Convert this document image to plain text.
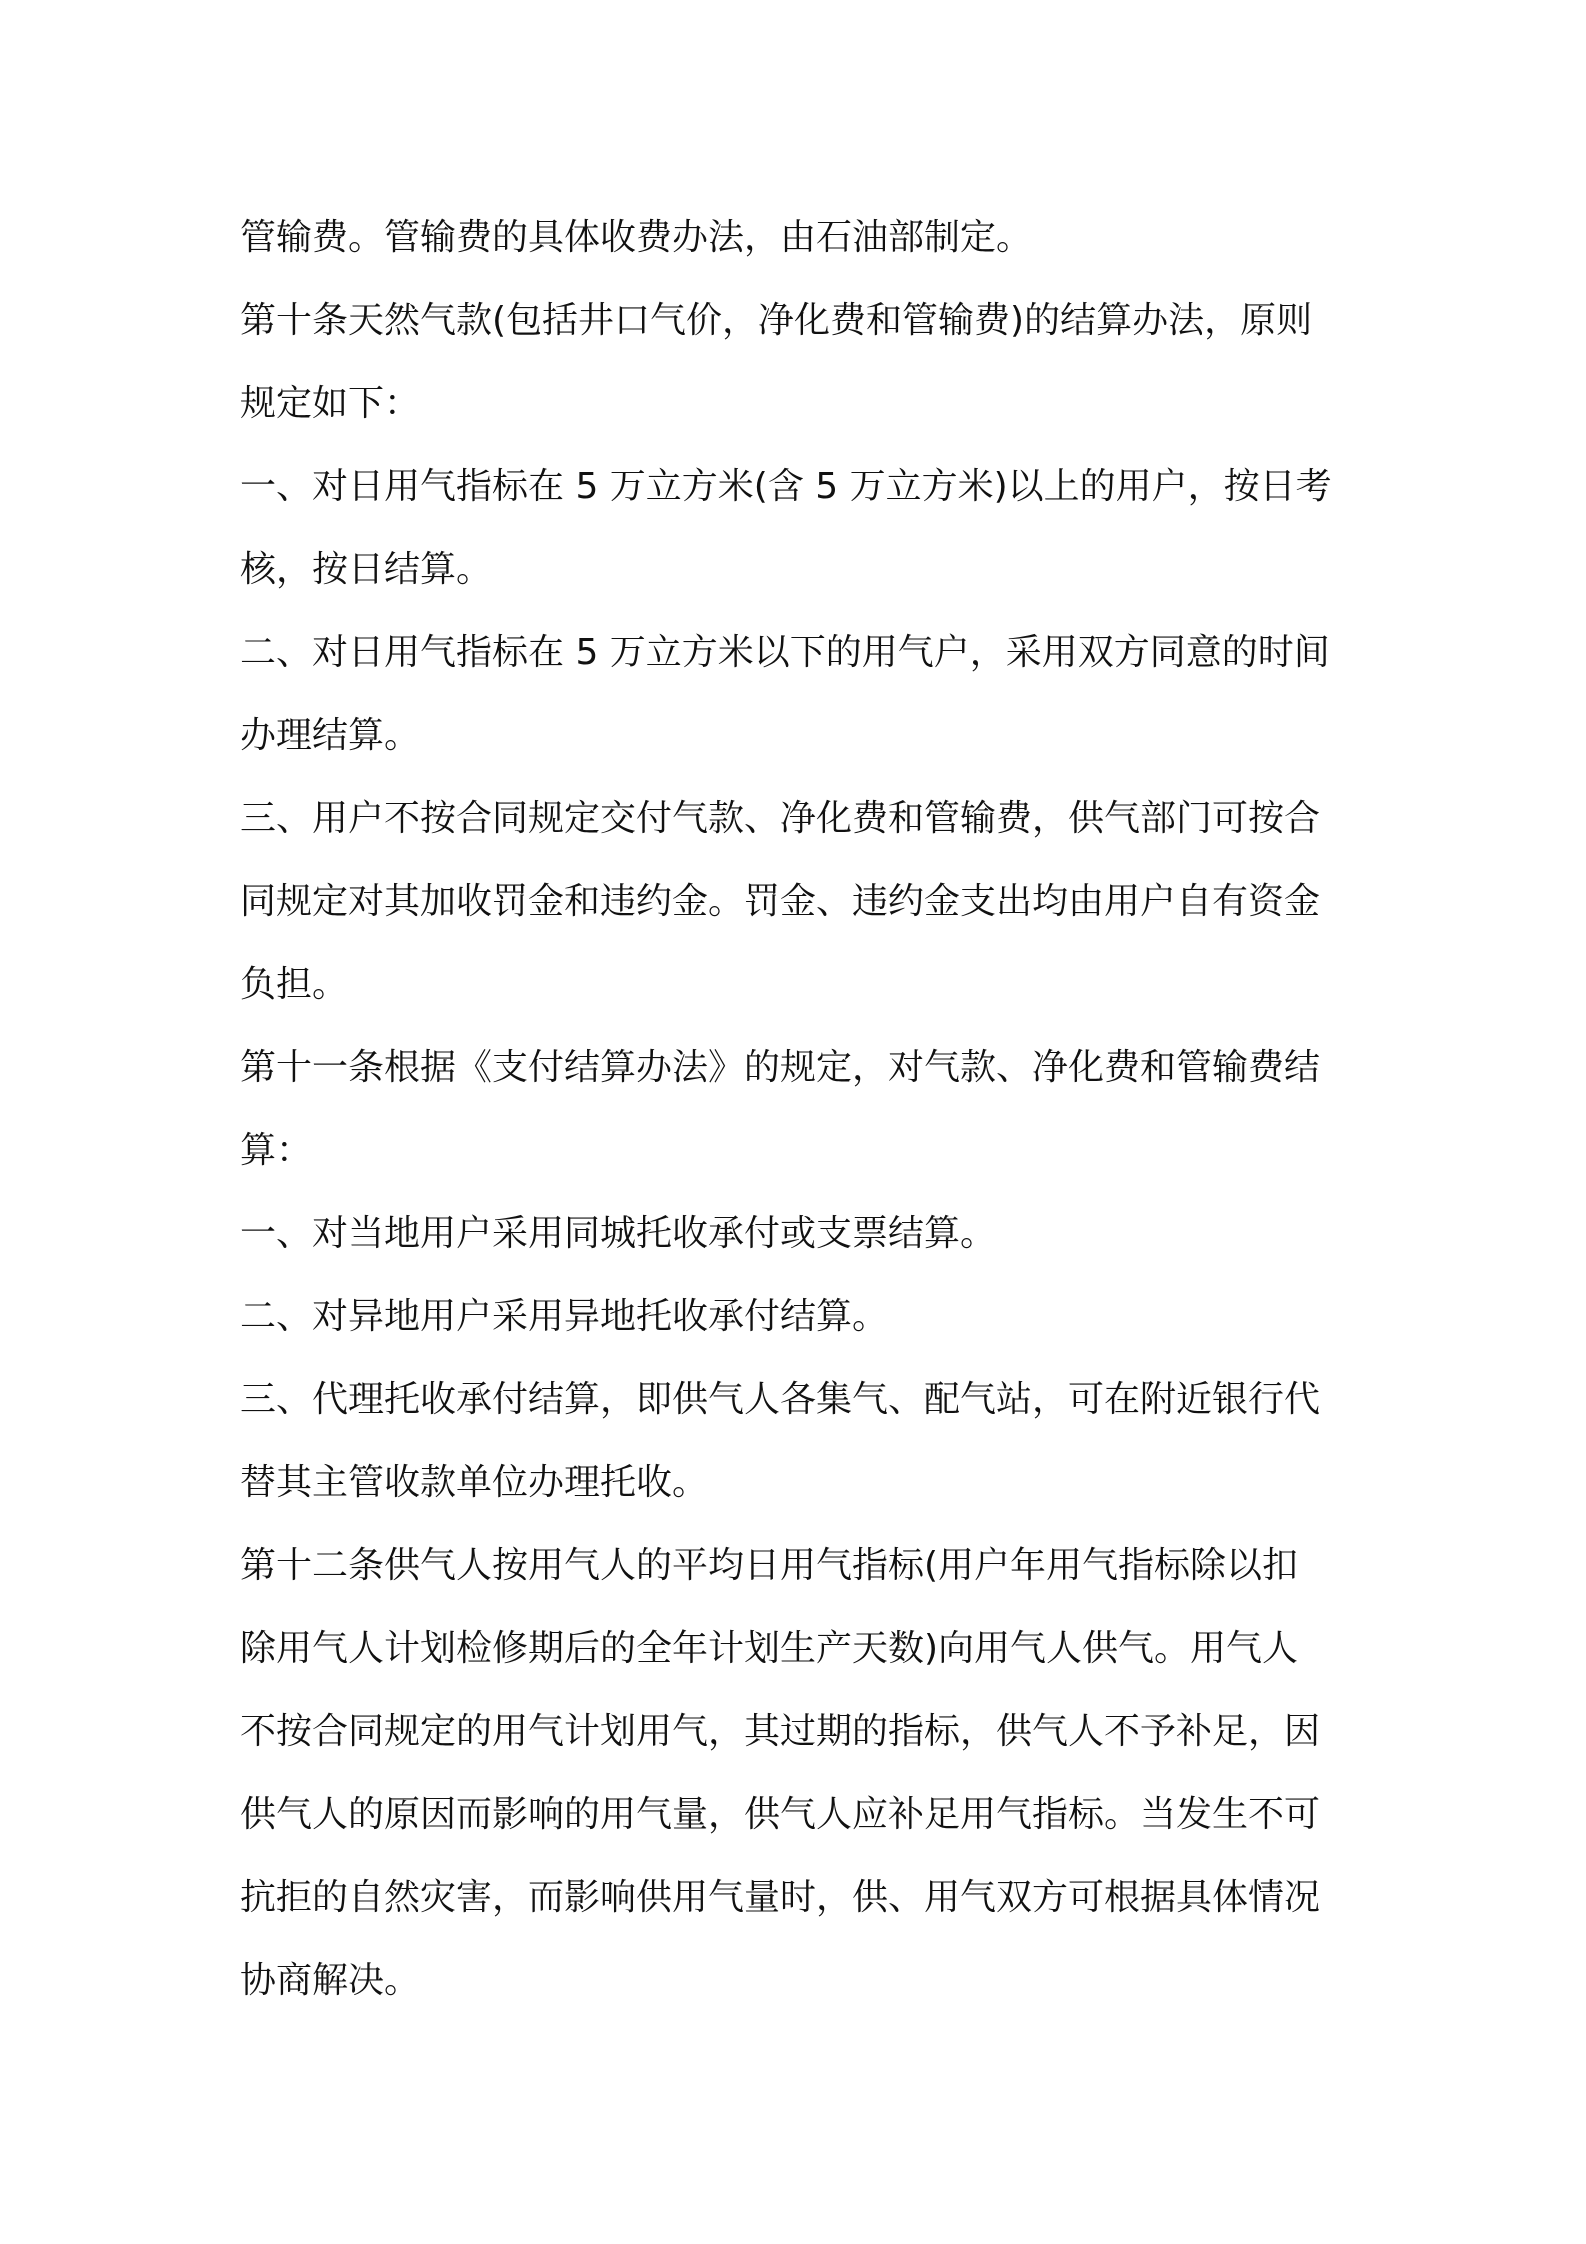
管输费。管输费的具体收费办法，由石油部制定。
第十条天然气款(包括井口气价，净化费和管输费)的结算办法，原则
规定如下：
一、对日用气指标在 5 万立方米(含 5 万立方米)以上的用户，按日考
核，按日结算。
二、对日用气指标在 5 万立方米以下的用气户，采用双方同意的时间
办理结算。
三、用户不按合同规定交付气款、净化费和管输费，供气部门可按合
同规定对其加收罚金和违约金。罚金、违约金支出均由用户自有资金
负担。
第十一条根据《支付结算办法》的规定，对气款、净化费和管输费结
算：
一、对当地用户采用同城托收承付或支票结算。
二、对异地用户采用异地托收承付结算。
三、代理托收承付结算，即供气人各集气、配气站，可在附近银行代
替其主管收款单位办理托收。
第十二条供气人按用气人的平均日用气指标(用户年用气指标除以扣
除用气人计划检修期后的全年计划生产天数)向用气人供气。用气人
不按合同规定的用气计划用气，其过期的指标，供气人不予补足，因
供气人的原因而影响的用气量，供气人应补足用气指标。当发生不可
抗拒的自然灾害，而影响供用气量时，供、用气双方可根据具体情况
协商解决。
